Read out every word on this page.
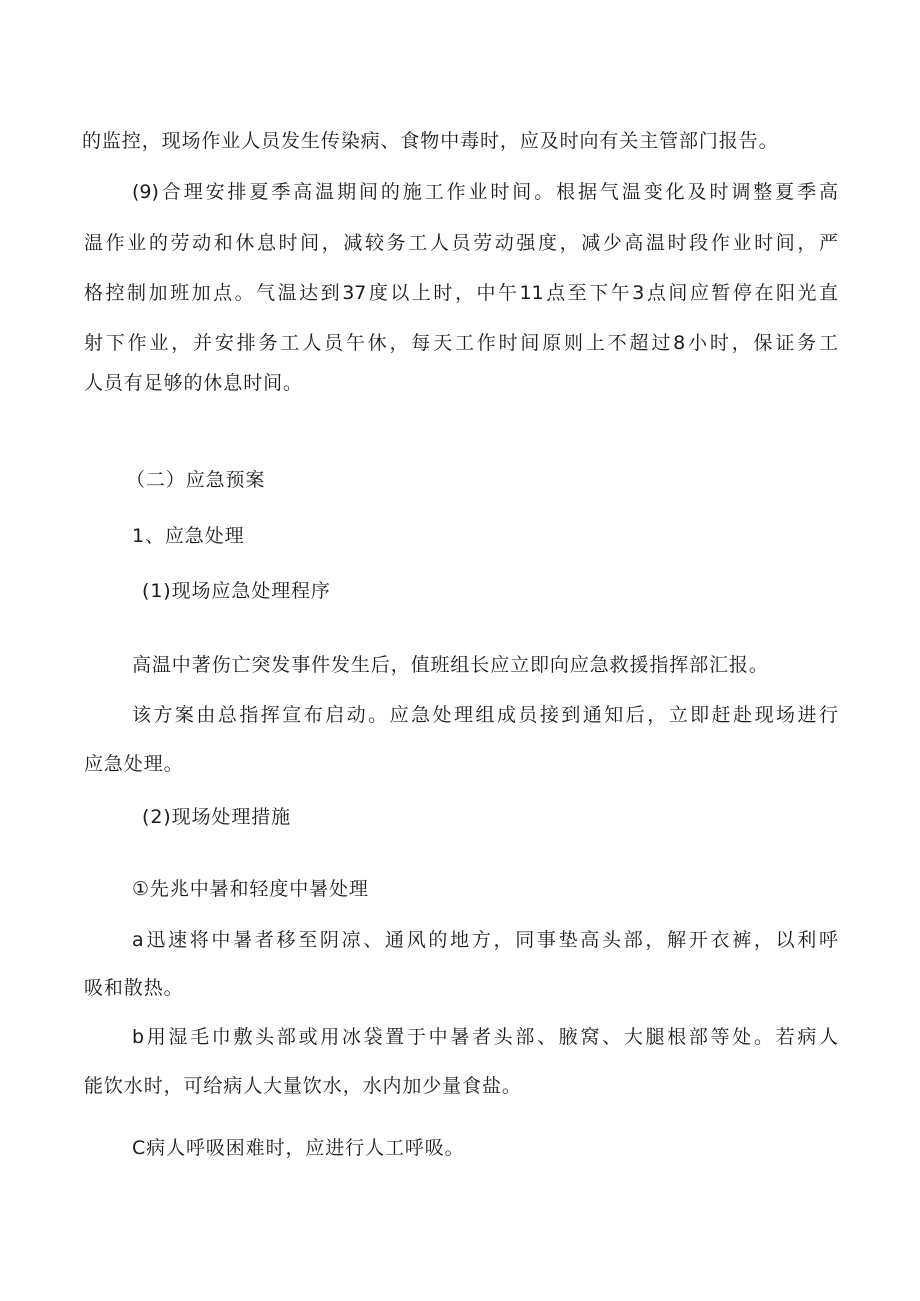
的监控，现场作业人员发生传染病、食物中毒时，应及时向有关主管部门报告。
(9)合理安排夏季高温期间的施工作业时间。根据气温变化及时调整夏季高
温作业的劳动和休息时间，减较务工人员劳动强度，减少高温时段作业时间，严
格控制加班加点。气温达到37度以上时，中午11点至下午3点间应暂停在阳光直
射下作业，并安排务工人员午休，每天工作时间原则上不超过8小时，保证务工
人员有足够的休息时间。
（二）应急预案
1、应急处理
(1)现场应急处理程序
高温中著伤亡突发事件发生后，值班组长应立即向应急救援指挥部汇报。
该方案由总指挥宣布启动。应急处理组成员接到通知后，立即赶赴现场进行
应急处理。
(2)现场处理措施
①先兆中暑和轻度中暑处理
a迅速将中暑者移至阴凉、通风的地方，同事垫高头部，解开衣裤，以利呼
吸和散热。
b用湿毛巾敷头部或用冰袋置于中暑者头部、腋窝、大腿根部等处。若病人
能饮水时，可给病人大量饮水，水内加少量食盐。
C病人呼吸困难时，应进行人工呼吸。
